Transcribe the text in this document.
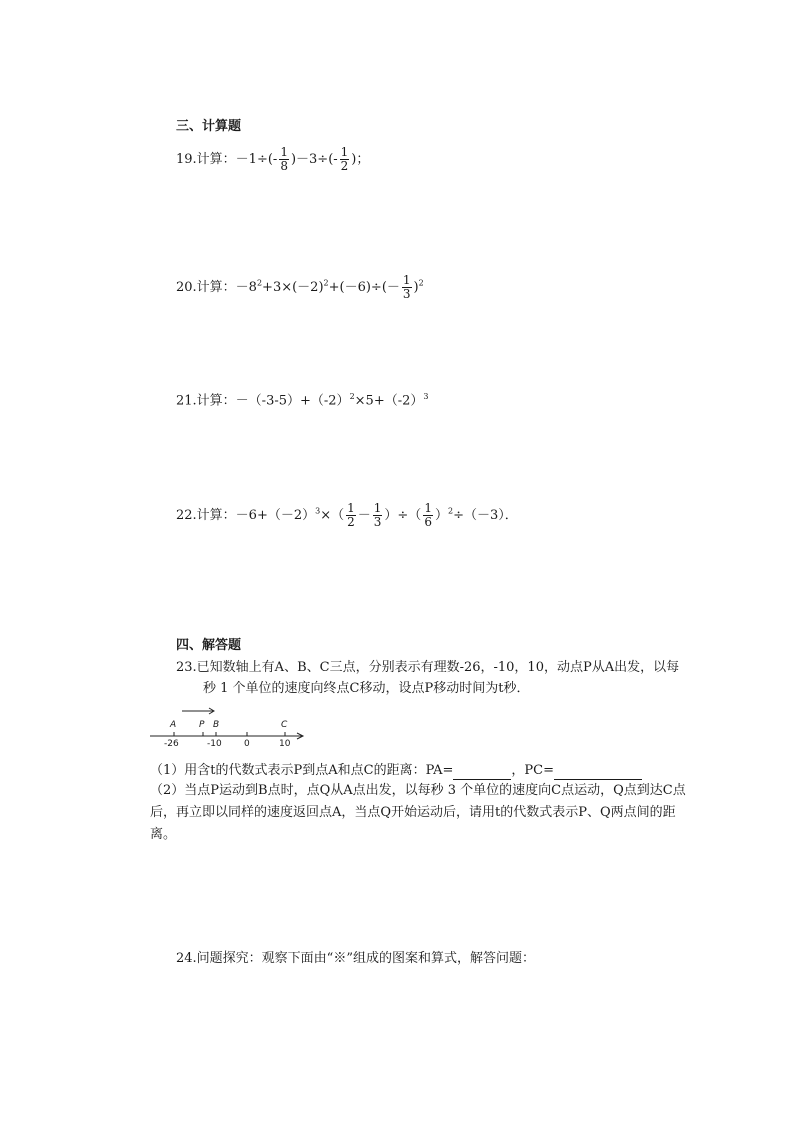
三、计算题
19.计算：$-1\div(- \frac{1}{8} )-3\div(- \frac{1}{2}$ )；
20.计算：$-8^2+3\times(-2)^2+(-6)\div(- \frac{1}{3} )^2$
21.计算：$-(-3-5)+(-2)^2\times 5+(-2)^3$
22.计算：$-6+(-2)^3\times( \frac{1}{2} - \frac{1}{3}$ ）÷（ $\frac{1}{6} )^2\div(-3)$．
四、解答题
23.已知数轴上有A、B、C三点，分别表示有理数-26，-10，10，动点P从A出发，以每
秒 1 个单位的速度向终点C移动，设点P移动时间为t秒．
A	P B	C
-26	-10 0	10
（1）用含t的代数式表示P到点A和点C的距离：PA=	，PC=
（2）当点P运动到B点时，点Q从A点出发，以每秒 3 个单位的速度向C点运动，Q点到达C点
后，再立即以同样的速度返回点A，当点Q开始运动后，请用t的代数式表示P、Q两点间的距
离。
24.问题探究：观察下面由“※”组成的图案和算式，解答问题：
